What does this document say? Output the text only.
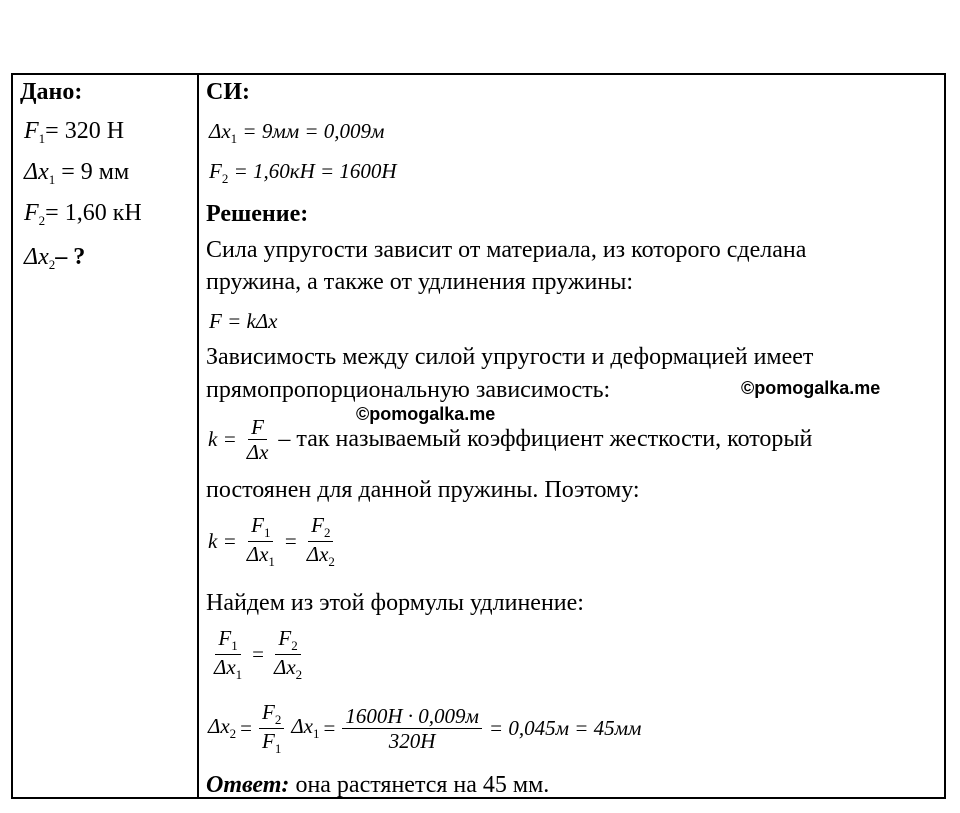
Дано:
$F_1= 320$ Н
$\Delta x_1 = 9$ мм
$F_2= 1,60$ кН
$\Delta x_2-$ ?
СИ:
$\Delta x_1 = 9мм = 0,009м$
$F_2 = 1,60кН = 1600Н$
Решение:
Сила упругости зависит от материала, из которого сделана
пружина, а также от удлинения пружины:
F = kΔx
Зависимость между силой упругости и деформацией имеет
прямопропорциональную зависимость:	©pomogalka.me
©pomogalka.me
$k = \frac{F}{\Delta x}$ – так называемый коэффициент жесткости, который
постоянен для данной пружины. Поэтому:
$k = \frac{F_1}{\Delta x_1} = \frac{F_2}{\Delta x_2}$
Найдем из этой формулы удлинение:
$\frac{F_1}{\Delta x_1} = \frac{F_2}{\Delta x_2}$
$\Delta x_2 = \frac{F_2}{F_1} \Delta x_1 = \frac{1600Н \cdot 0,009м}{320Н} = 0,045м = 45мм$
Ответ: она растянется на 45 мм.
